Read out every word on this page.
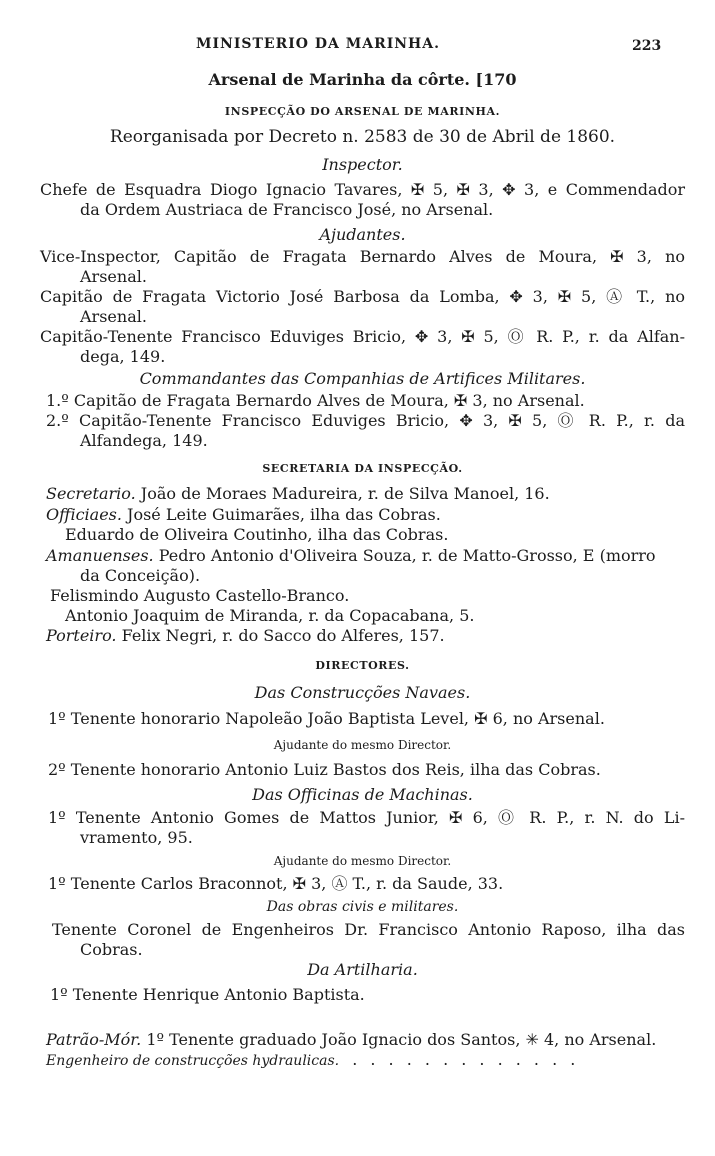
MINISTERIO DA MARINHA.	223
Arsenal de Marinha da côrte. [170
INSPECÇÃO DO ARSENAL DE MARINHA.
Reorganisada por Decreto n. 2583 de 30 de Abril de 1860.
Inspector.
Chefe de Esquadra Diogo Ignacio Tavares, ✠ 5, ✠ 3, ✥ 3, e Commendador
da Ordem Austriaca de Francisco José, no Arsenal.
Ajudantes.
Vice-Inspector, Capitão de Fragata Bernardo Alves de Moura, ✠ 3, no
Arsenal.
Capitão de Fragata Victorio José Barbosa da Lomba, ✥ 3, ✠ 5, Ⓐ T., no
Arsenal.
Capitão-Tenente Francisco Eduviges Bricio, ✥ 3, ✠ 5, Ⓞ R. P., r. da Alfan-
dega, 149.
Commandantes das Companhias de Artifices Militares.
1.º Capitão de Fragata Bernardo Alves de Moura, ✠ 3, no Arsenal.
2.º Capitão-Tenente Francisco Eduviges Bricio, ✥ 3, ✠ 5, Ⓞ R. P., r. da
Alfandega, 149.
SECRETARIA DA INSPECÇÃO.
Secretario. João de Moraes Madureira, r. de Silva Manoel, 16.
Officiaes. José Leite Guimarães, ilha das Cobras.
Eduardo de Oliveira Coutinho, ilha das Cobras.
Amanuenses. Pedro Antonio d'Oliveira Souza, r. de Matto-Grosso, E (morro
da Conceição).
Felismindo Augusto Castello-Branco.
Antonio Joaquim de Miranda, r. da Copacabana, 5.
Porteiro. Felix Negri, r. do Sacco do Alferes, 157.
DIRECTORES.
Das Construcções Navaes.
1º Tenente honorario Napoleão João Baptista Level, ✠ 6, no Arsenal.
Ajudante do mesmo Director.
2º Tenente honorario Antonio Luiz Bastos dos Reis, ilha das Cobras.
Das Officinas de Machinas.
1º Tenente Antonio Gomes de Mattos Junior, ✠ 6, Ⓞ R. P., r. N. do Li-
vramento, 95.
Ajudante do mesmo Director.
1º Tenente Carlos Braconnot, ✠ 3, Ⓐ T., r. da Saude, 33.
Das obras civis e militares.
Tenente Coronel de Engenheiros Dr. Francisco Antonio Raposo, ilha das
Cobras.
Da Artilharia.
1º Tenente Henrique Antonio Baptista.
Patrão-Mór. 1º Tenente graduado João Ignacio dos Santos, ✳ 4, no Arsenal.
Engenheiro de construcções hydraulicas. . . . . . . . . . . . . .
